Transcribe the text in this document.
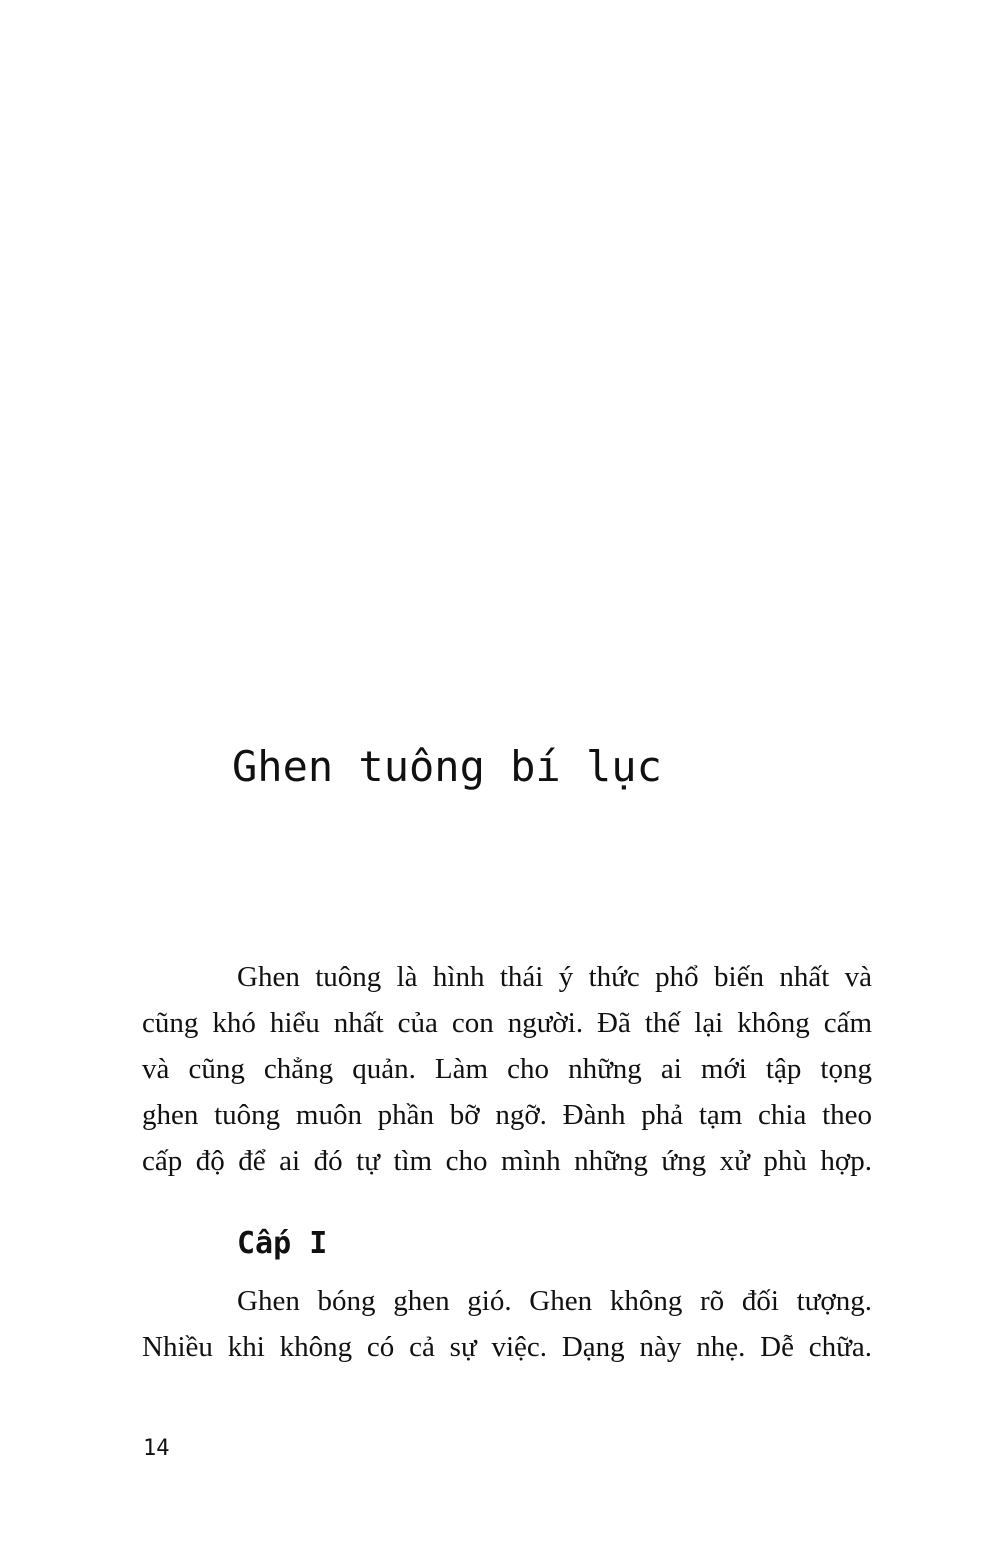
Ghen tuông bí lục
Ghen tuông là hình thái ý thức phổ biến nhất và
cũng khó hiểu nhất của con người. Đã thế lại không cấm
và cũng chẳng quản. Làm cho những ai mới tập tọng
ghen tuông muôn phần bỡ ngỡ. Đành phả tạm chia theo
cấp độ để ai đó tự tìm cho mình những ứng xử phù hợp.
Cấp I
Ghen bóng ghen gió. Ghen không rõ đối tượng.
Nhiều khi không có cả sự việc. Dạng này nhẹ. Dễ chữa.
14
